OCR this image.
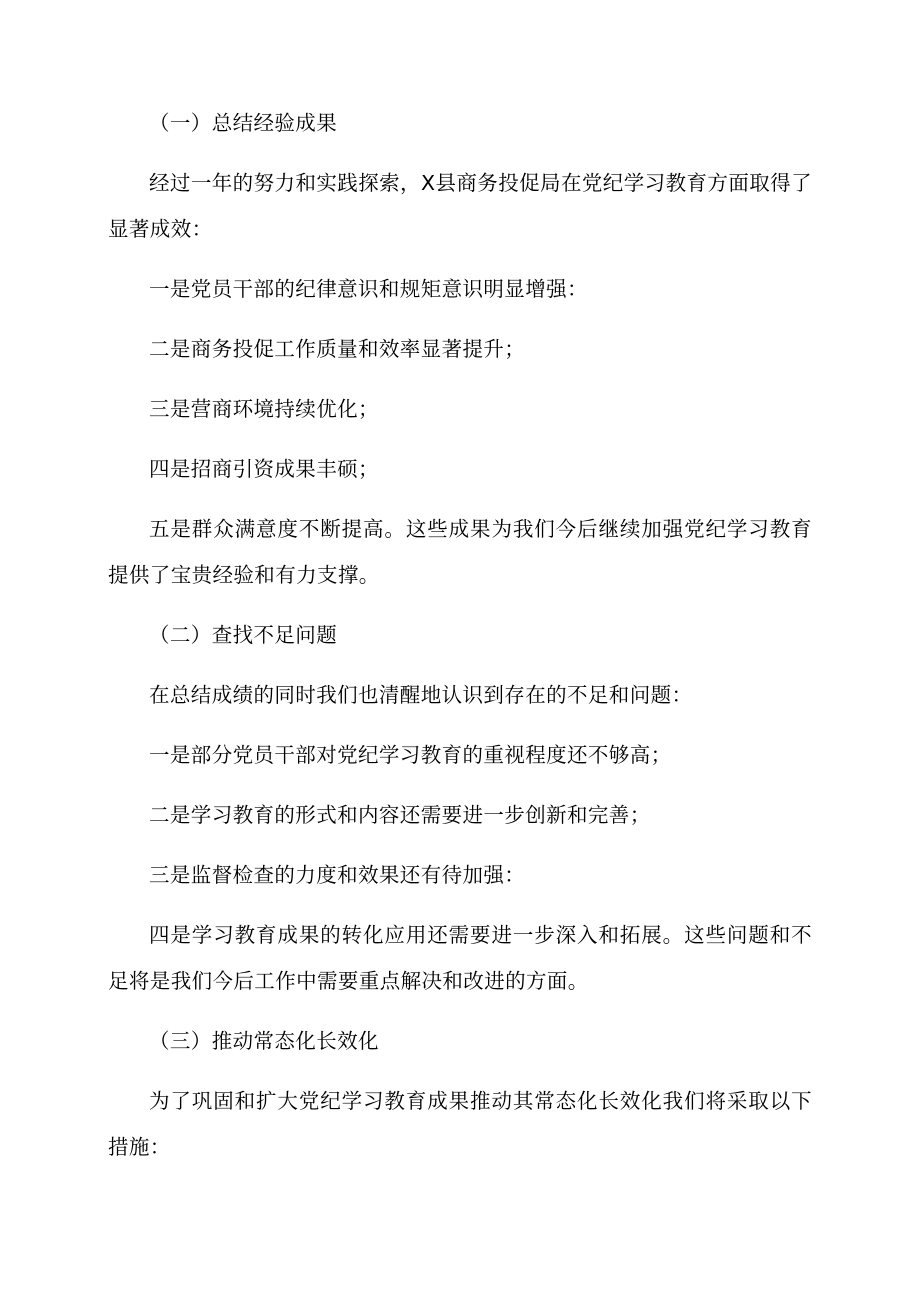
（一）总结经验成果

经过一年的努力和实践探索，X县商务投促局在党纪学习教育方面取得了显著成效：

一是党员干部的纪律意识和规矩意识明显增强：

二是商务投促工作质量和效率显著提升；

三是营商环境持续优化；

四是招商引资成果丰硕；

五是群众满意度不断提高。这些成果为我们今后继续加强党纪学习教育提供了宝贵经验和有力支撑。

（二）查找不足问题

在总结成绩的同时我们也清醒地认识到存在的不足和问题：

一是部分党员干部对党纪学习教育的重视程度还不够高；

二是学习教育的形式和内容还需要进一步创新和完善；

三是监督检查的力度和效果还有待加强：

四是学习教育成果的转化应用还需要进一步深入和拓展。这些问题和不足将是我们今后工作中需要重点解决和改进的方面。

（三）推动常态化长效化

为了巩固和扩大党纪学习教育成果推动其常态化长效化我们将采取以下措施：
